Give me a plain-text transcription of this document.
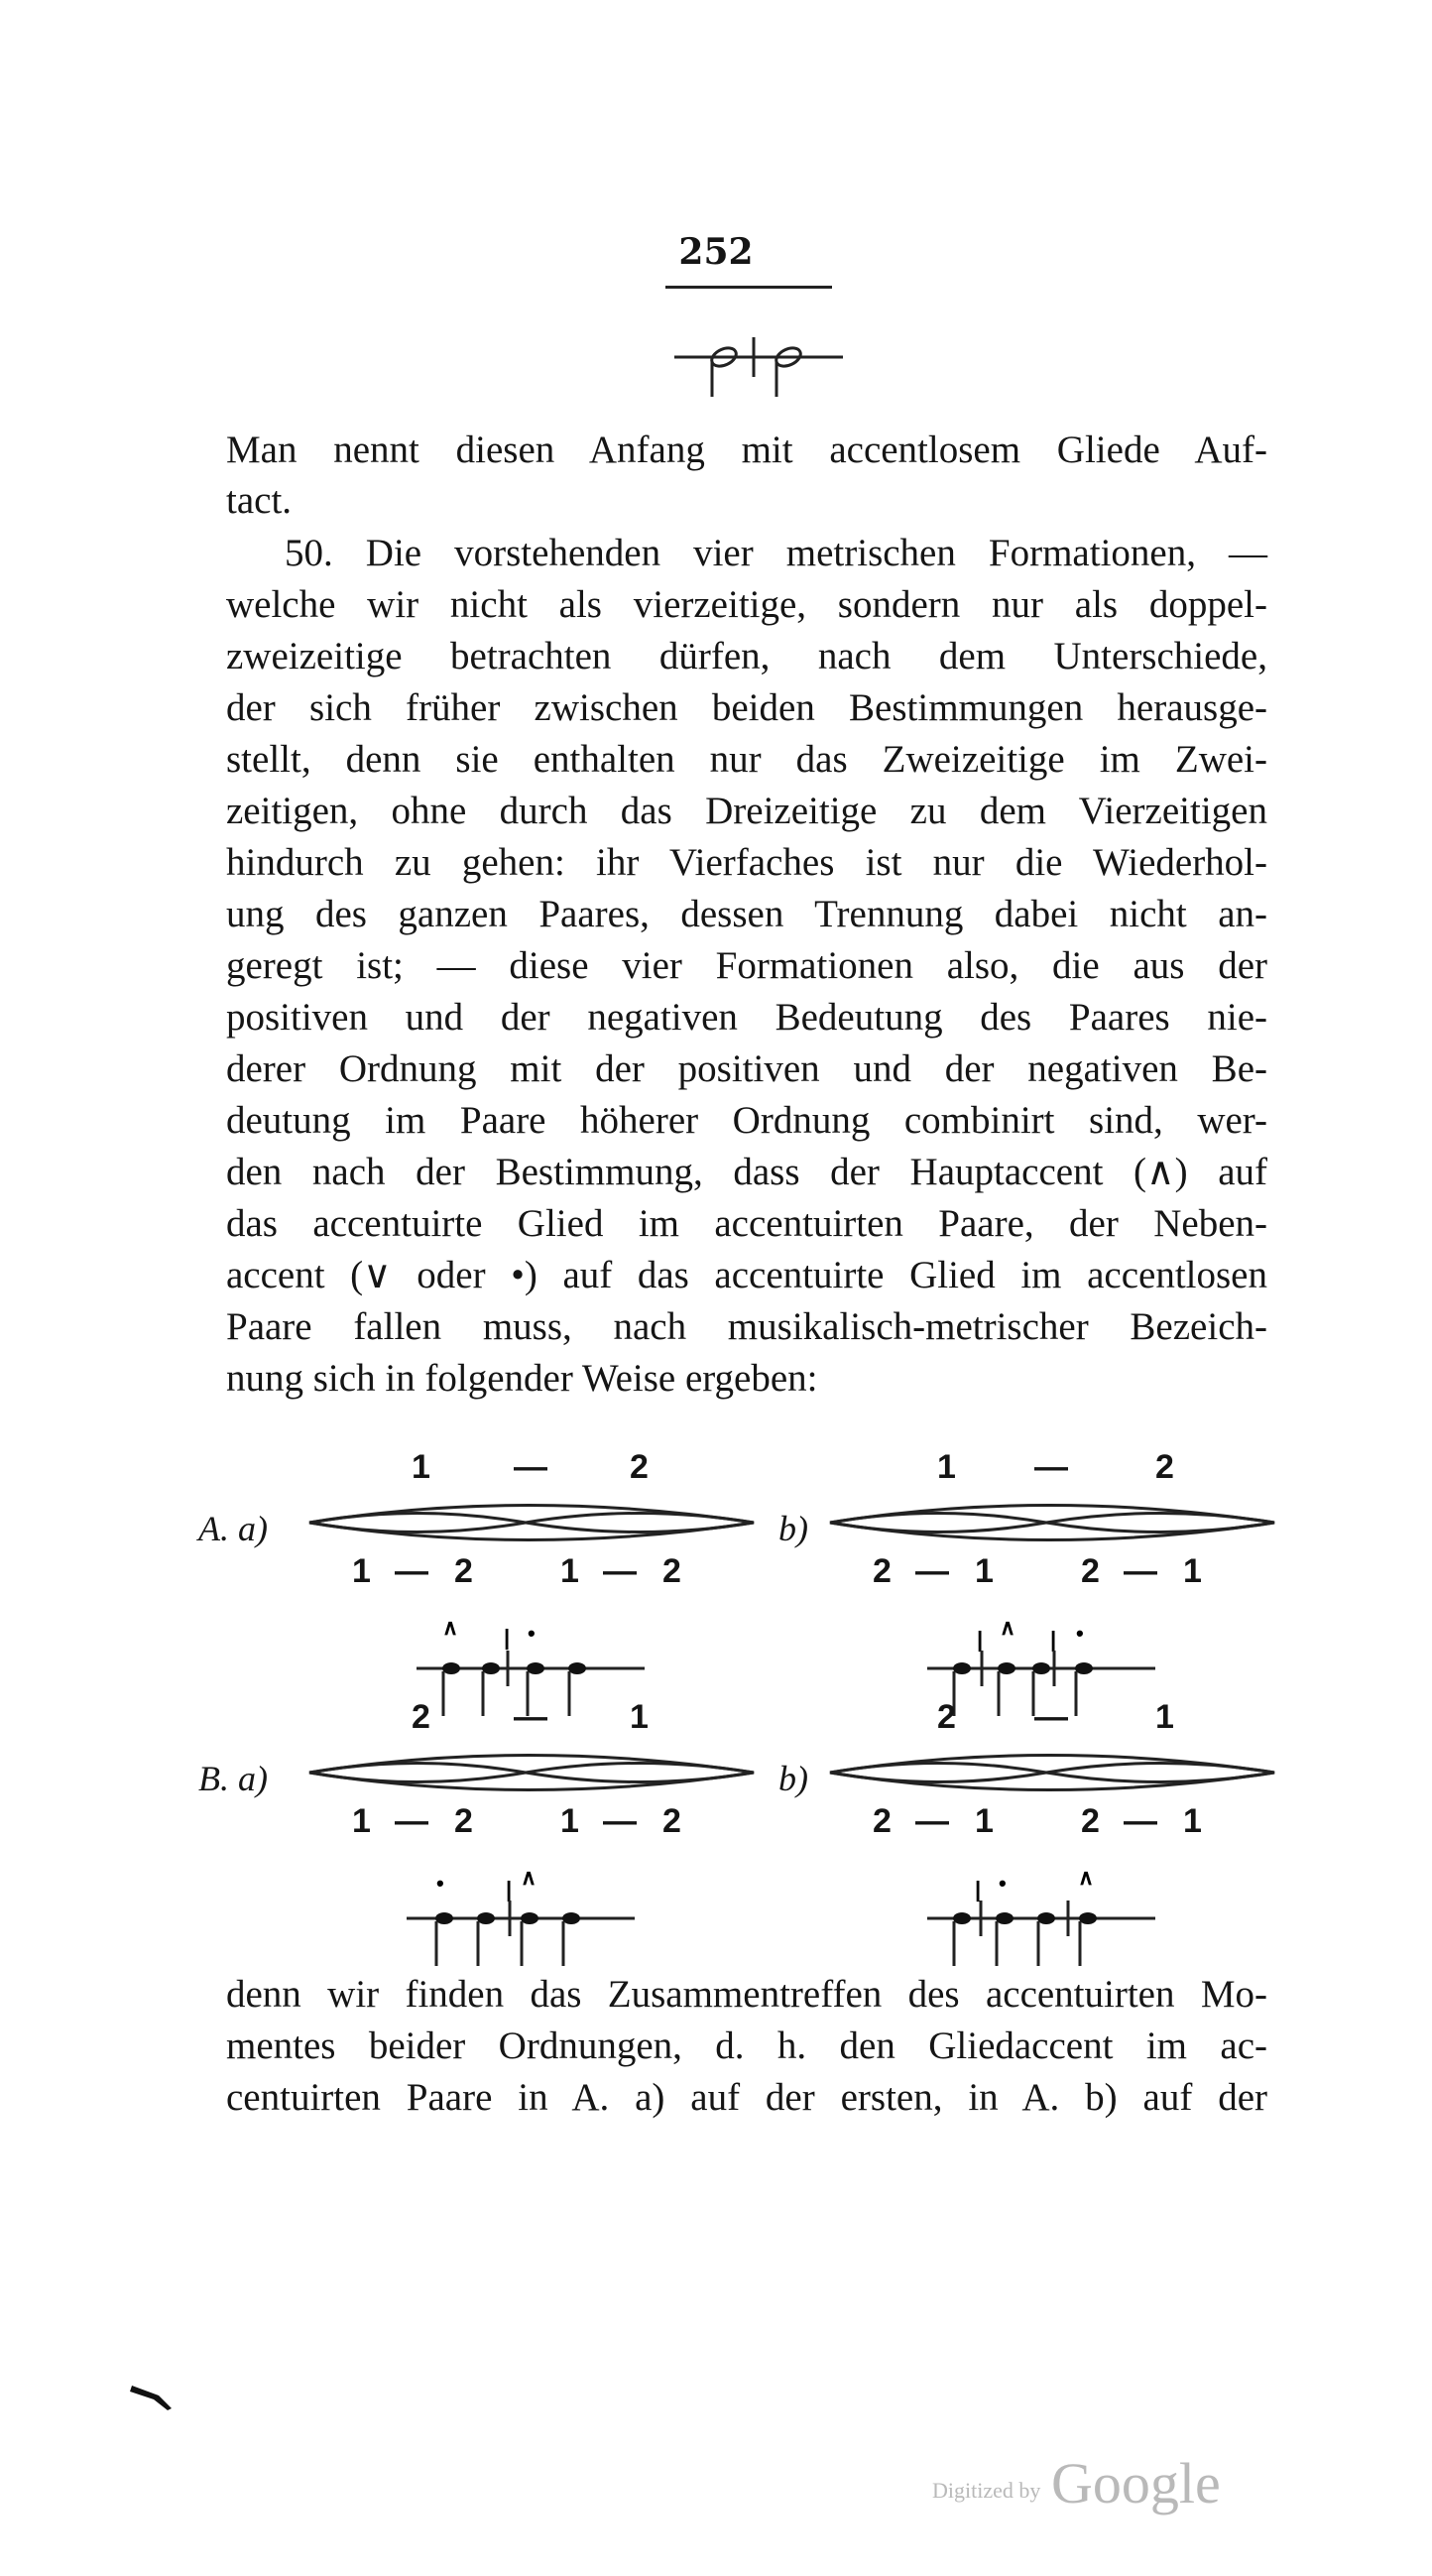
252
Man nennt diesen Anfang mit accentlosem Gliede Auf-
tact.
50. Die vorstehenden vier metrischen Formationen, —
welche wir nicht als vierzeitige, sondern nur als doppel-
zweizeitige betrachten dürfen, nach dem Unterschiede,
der sich früher zwischen beiden Bestimmungen herausge-
stellt, denn sie enthalten nur das Zweizeitige im Zwei-
zeitigen, ohne durch das Dreizeitige zu dem Vierzeitigen
hindurch zu gehen: ihr Vierfaches ist nur die Wiederhol-
ung des ganzen Paares, dessen Trennung dabei nicht an-
geregt ist; — diese vier Formationen also, die aus der
positiven und der negativen Bedeutung des Paares nie-
derer Ordnung mit der positiven und der negativen Be-
deutung im Paare höherer Ordnung combinirt sind, wer-
den nach der Bestimmung, dass der Hauptaccent (∧) auf
das accentuirte Glied im accentuirten Paare, der Neben-
accent (∨ oder •) auf das accentuirte Glied im accentlosen
Paare fallen muss, nach musikalisch-metrischer Bezeich-
nung sich in folgender Weise ergeben:
A. a)
1 — 2
1 — 2	1 — 2
∧ | •
b)
1 —	2
2 — 1	2 — 1
| ∧ | •
B. a)
2 — 1
1 — 2	1 — 2
•	| ∧
b)
2 —	1
2 — 1	2 — 1
| •	∧
denn wir finden das Zusammentreffen des accentuirten Mo-
mentes beider Ordnungen, d. h. den Gliedaccent im ac-
centuirten Paare in A. a) auf der ersten, in A. b) auf der
Digitized by Google
